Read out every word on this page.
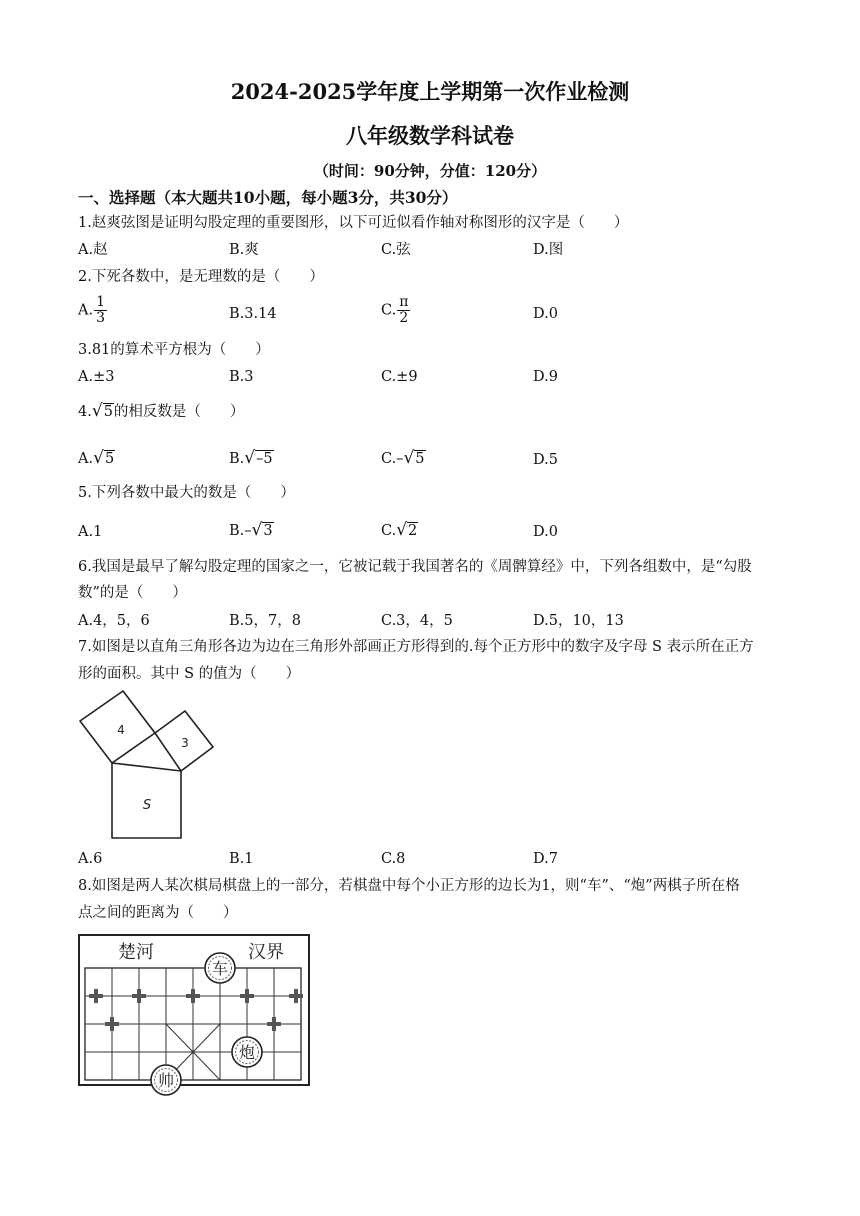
2024-2025学年度上学期第一次作业检测
八年级数学科试卷
（时间：90分钟，分值：120分）
一、选择题（本大题共10小题，每小题3分，共30分）
1.赵爽弦图是证明勾股定理的重要图形，以下可近似看作轴对称图形的汉字是（　　）
A.赵	B.爽	C.弦	D.图
2.下死各数中，是无理数的是（　　）
A. $\frac{1}{3}$	B.3.14	C. $\frac{\pi}{2}$	D.0
3.81的算术平方根为（　　）
A.±3	B.3	C.±9	D.9
4.√5的相反数是（　　）
A.√5	B.√–5	C.–√5	D.5
5.下列各数中最大的数是（　　）
A.1	B.–√3	C.√2	D.0
6.我国是最早了解勾股定理的国家之一，它被记载于我国著名的《周髀算经》中，下列各组数中，是“勾股
数”的是（　　）
A.4，5，6	B.5，7，8	C.3，4，5	D.5，10，13
7.如图是以直角三角形各边为边在三角形外部画正方形得到的.每个正方形中的数字及字母 S 表示所在正方
形的面积。其中 S 的值为（　　）
4
3
S
A.6	B.1	C.8	D.7
8.如图是两人某次棋局棋盘上的一部分，若棋盘中每个小正方形的边长为1，则“车”、“炮”两棋子所在格
点之间的距离为（　　）
楚河	汉界
车
炮
帅
